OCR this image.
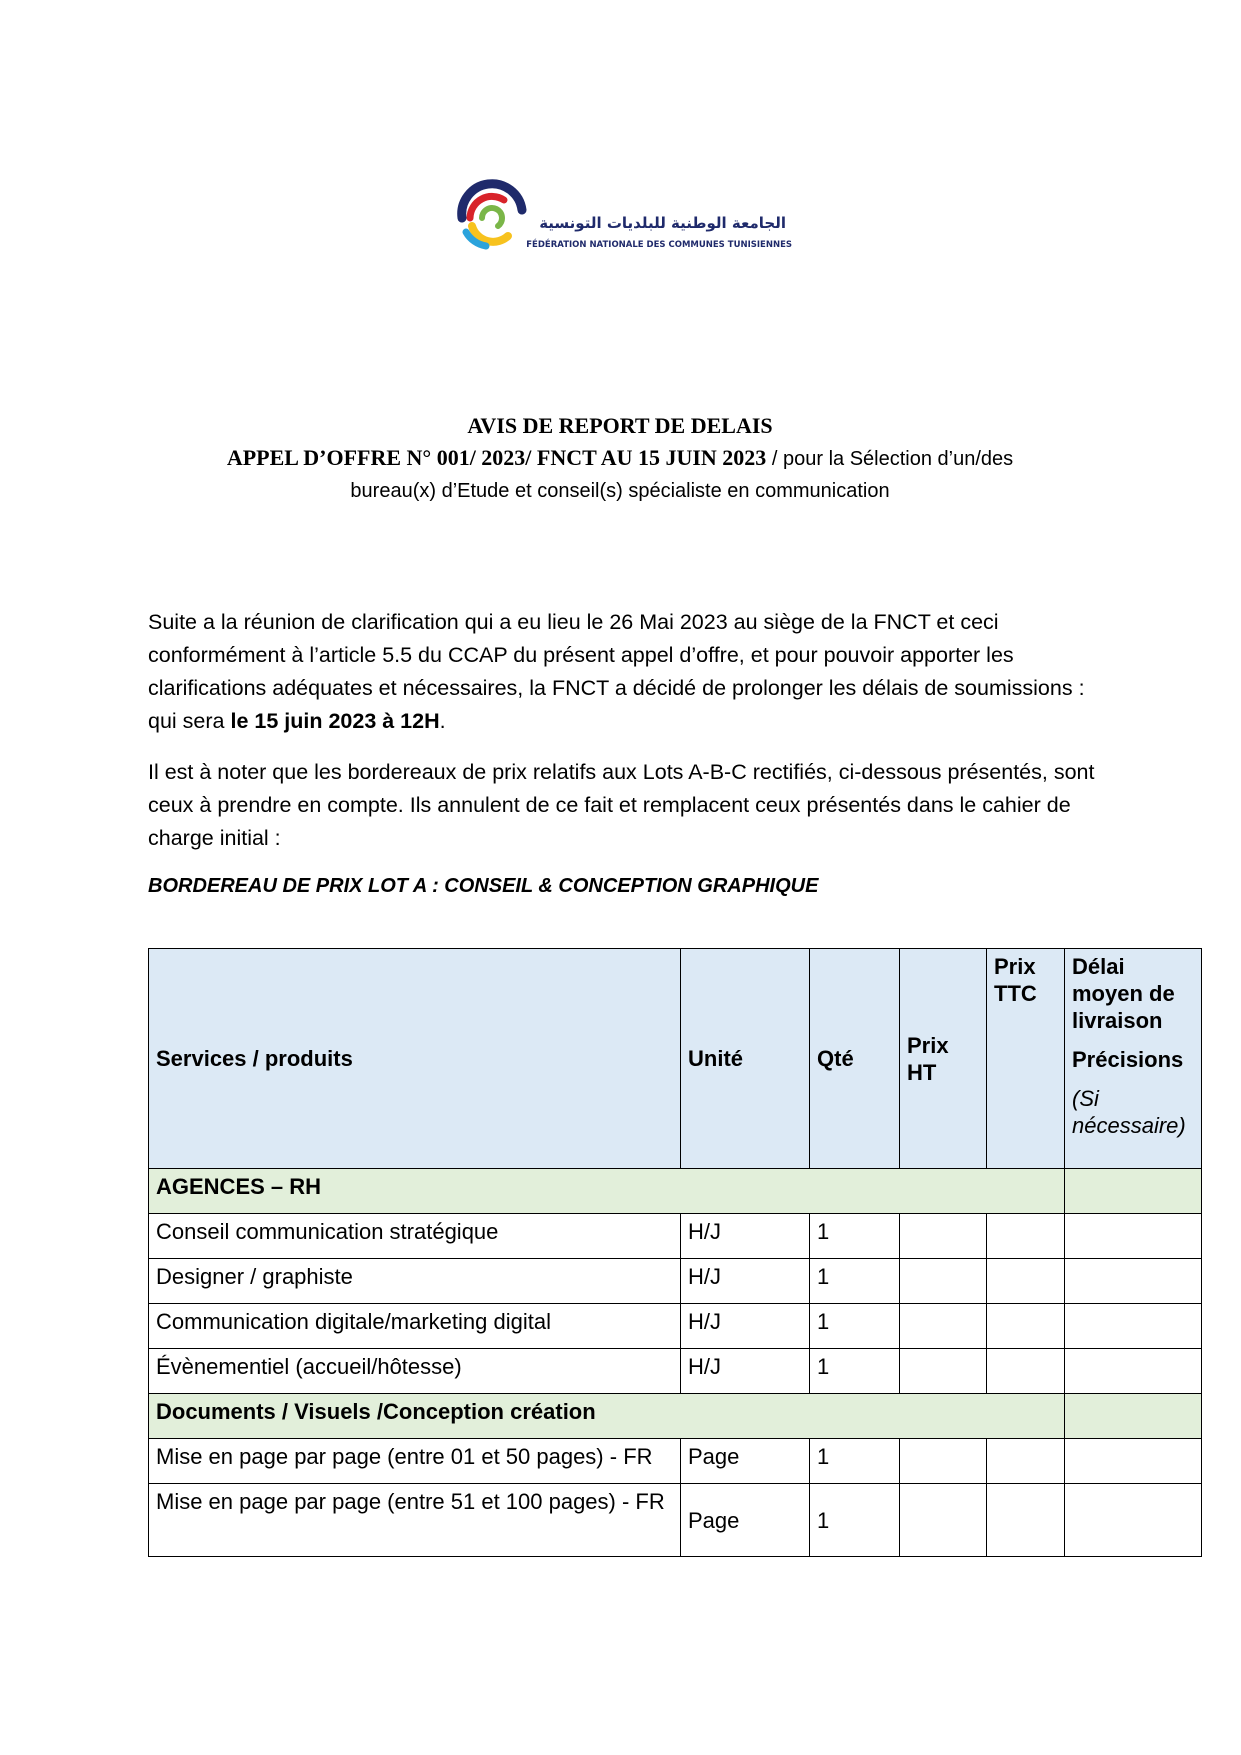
الجامعة الوطنية للبلديات التونسية
FÉDÉRATION NATIONALE DES COMMUNES TUNISIENNES
AVIS DE REPORT DE DELAIS
APPEL D’OFFRE N° 001/ 2023/ FNCT AU 15 JUIN 2023 / pour la Sélection d’un/des
bureau(x) d’Etude et conseil(s) spécialiste en communication
Suite a la réunion de clarification qui a eu lieu le 26 Mai 2023 au siège de la FNCT et ceci conformément à l’article 5.5 du CCAP du présent appel d’offre, et pour pouvoir apporter les clarifications adéquates et nécessaires, la FNCT a décidé de prolonger les délais de soumissions : qui sera le 15 juin 2023 à 12H.
Il est à noter que les bordereaux de prix relatifs aux Lots A-B-C rectifiés, ci-dessous présentés, sont ceux à prendre en compte. Ils annulent de ce fait et remplacent ceux présentés dans le cahier de charge initial :
BORDEREAU DE PRIX LOT A : CONSEIL & CONCEPTION GRAPHIQUE
Services / produits	Unité	Qté	Prix HT	Prix TTC	Délai moyen de livraison
Précisions
(Si nécessaire)

AGENCES – RH					
Conseil communication stratégique	H/J	1			
Designer / graphiste	H/J	1			
Communication digitale/marketing digital	H/J	1			
Évènementiel (accueil/hôtesse)	H/J	1			
Documents / Visuels /Conception création					
Mise en page par page (entre 01 et 50 pages) - FR	Page	1			
Mise en page par page (entre 51 et 100 pages) - FR	Page	1			
